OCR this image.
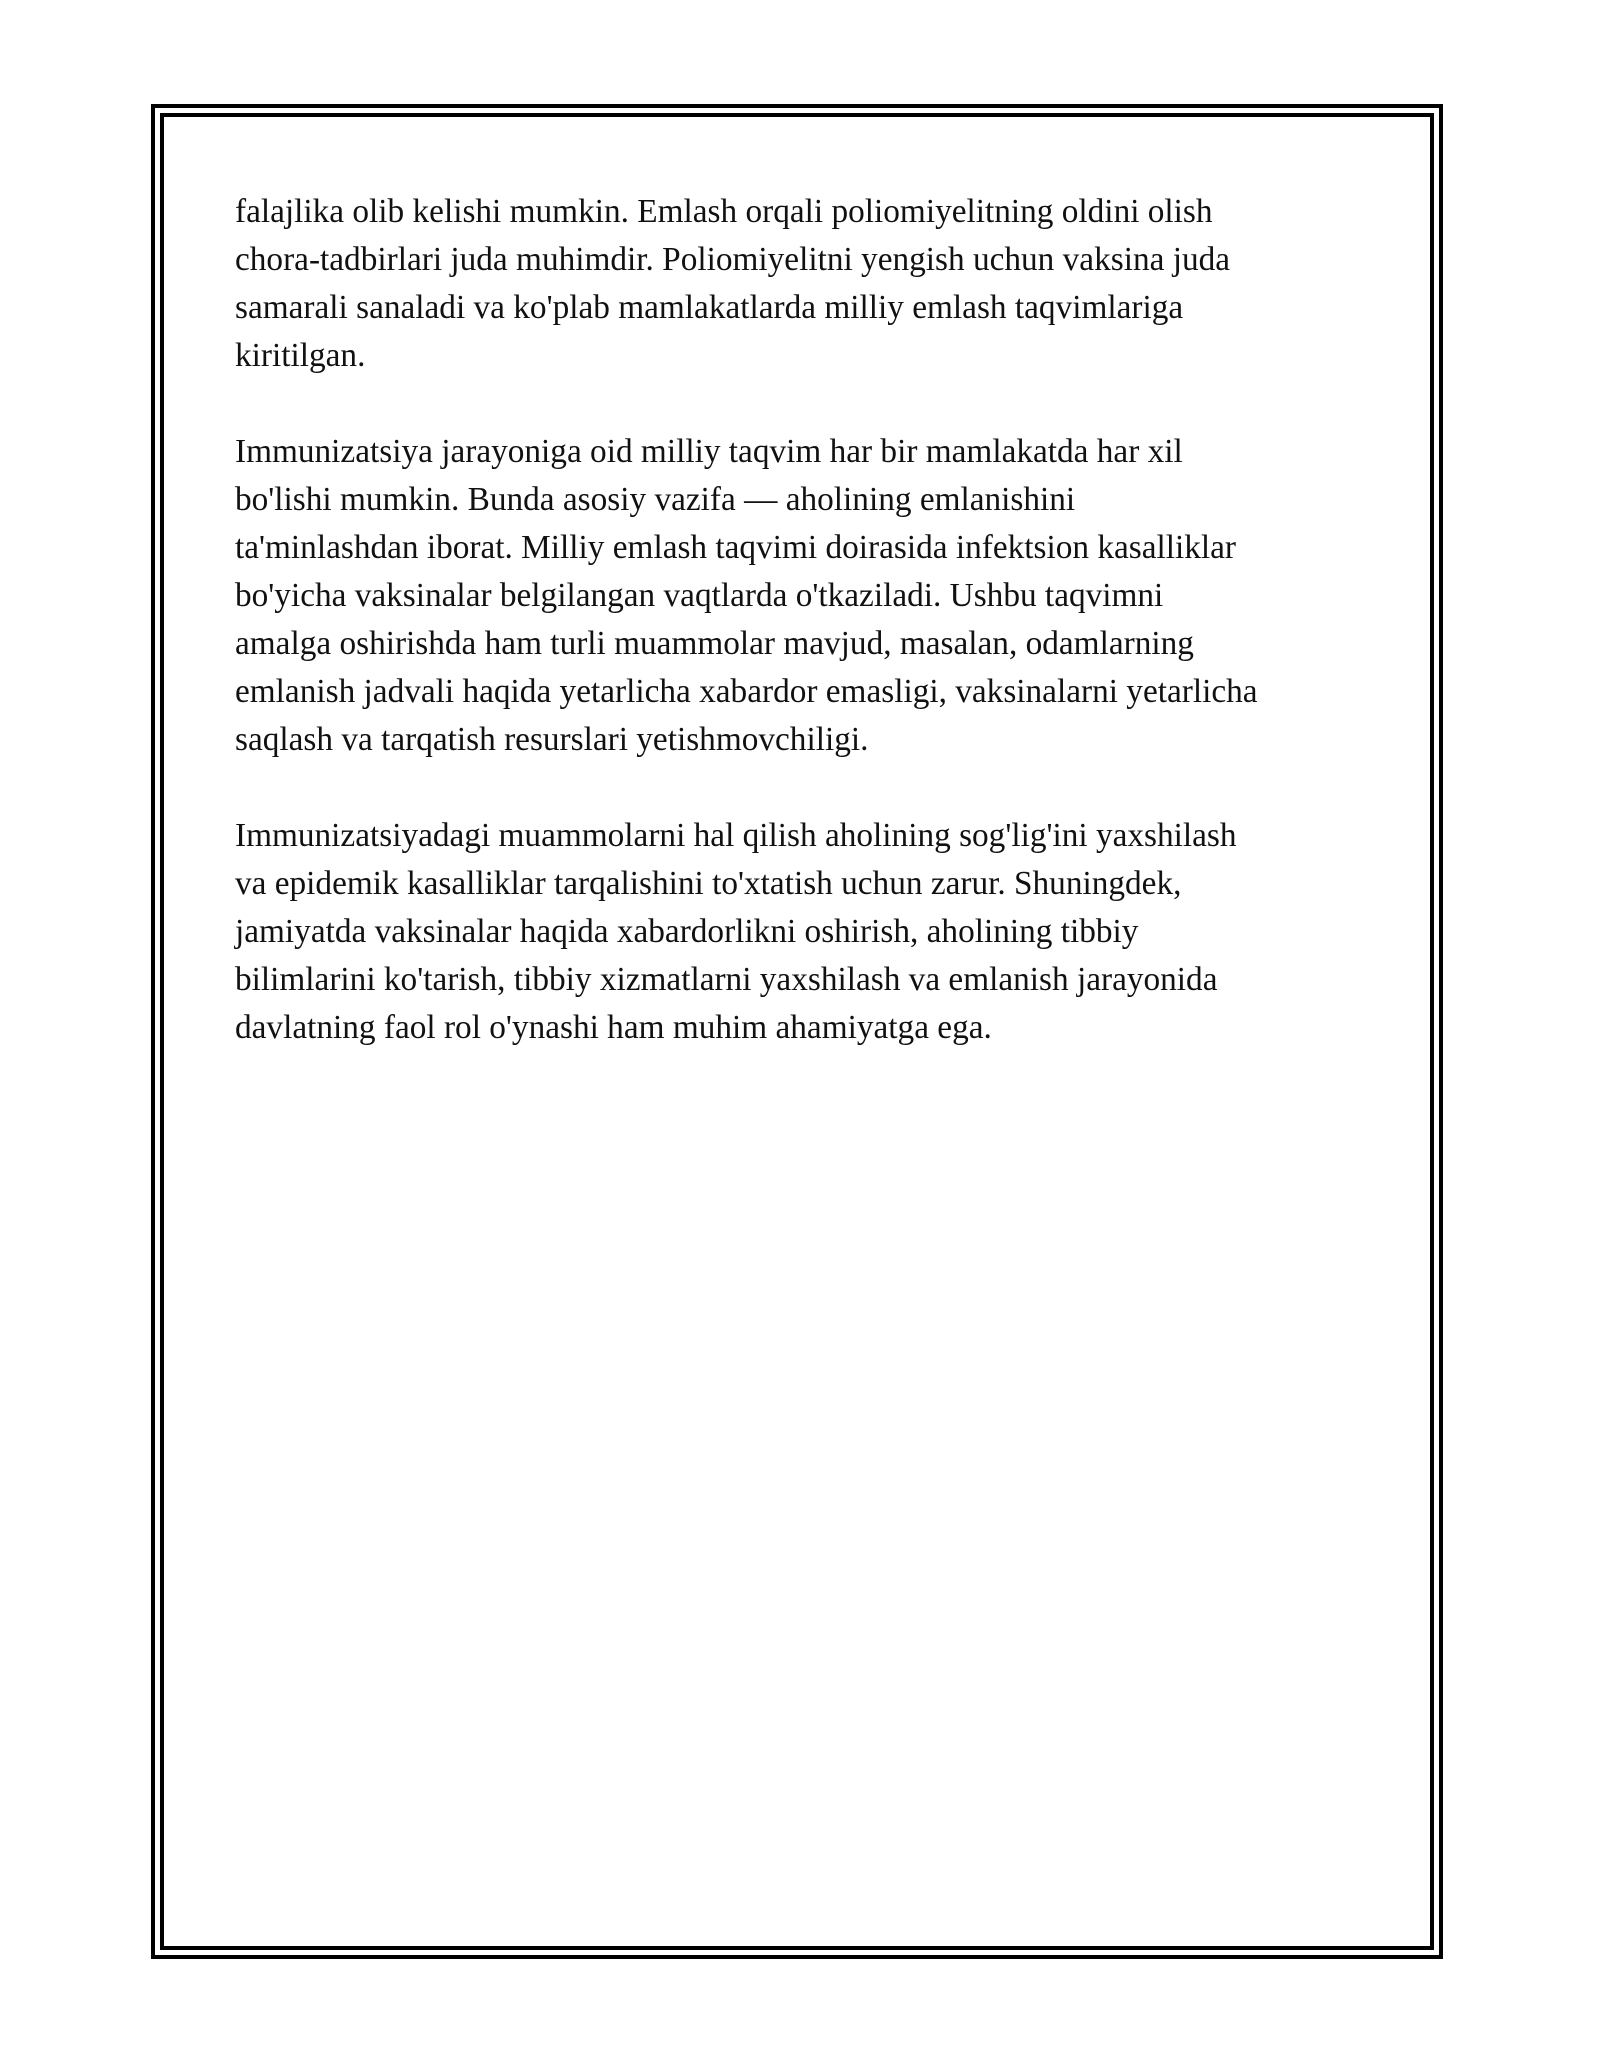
falajlika olib kelishi mumkin. Emlash orqali poliomiyelitning oldini olish
chora-tadbirlari juda muhimdir. Poliomiyelitni yengish uchun vaksina juda
samarali sanaladi va ko'plab mamlakatlarda milliy emlash taqvimlariga
kiritilgan.

Immunizatsiya jarayoniga oid milliy taqvim har bir mamlakatda har xil
bo'lishi mumkin. Bunda asosiy vazifa — aholining emlanishini
ta'minlashdan iborat. Milliy emlash taqvimi doirasida infektsion kasalliklar
bo'yicha vaksinalar belgilangan vaqtlarda o'tkaziladi. Ushbu taqvimni
amalga oshirishda ham turli muammolar mavjud, masalan, odamlarning
emlanish jadvali haqida yetarlicha xabardor emasligi, vaksinalarni yetarlicha
saqlash va tarqatish resurslari yetishmovchiligi.

Immunizatsiyadagi muammolarni hal qilish aholining sog'lig'ini yaxshilash
va epidemik kasalliklar tarqalishini to'xtatish uchun zarur. Shuningdek,
jamiyatda vaksinalar haqida xabardorlikni oshirish, aholining tibbiy
bilimlarini ko'tarish, tibbiy xizmatlarni yaxshilash va emlanish jarayonida
davlatning faol rol o'ynashi ham muhim ahamiyatga ega.
